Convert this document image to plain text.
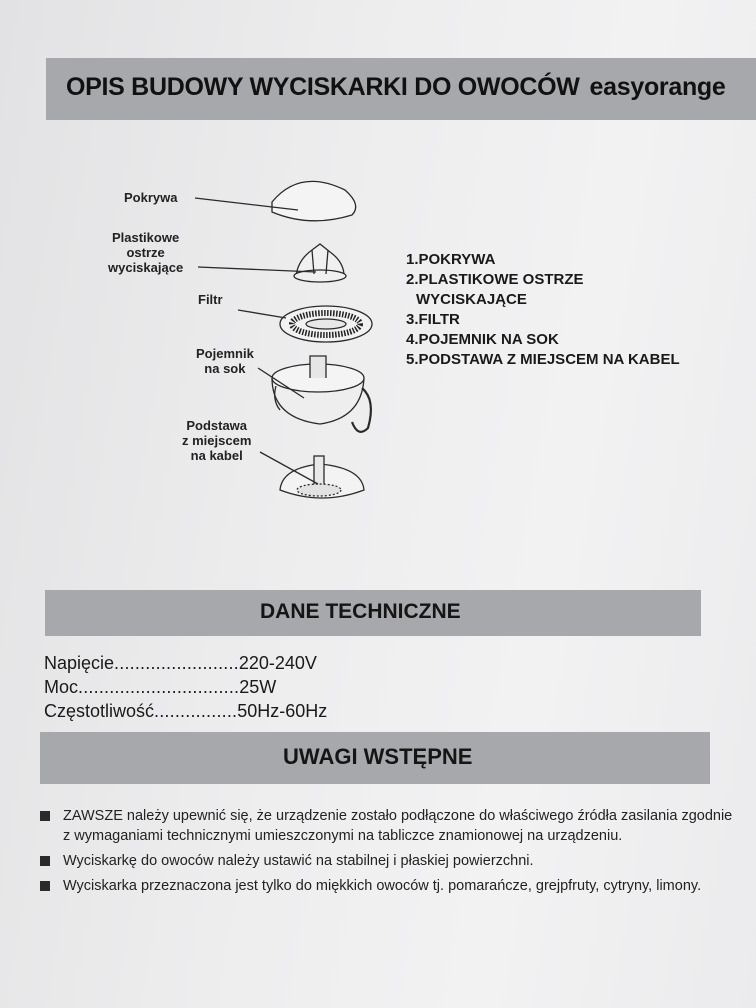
OPIS BUDOWY WYCISKARKI DO OWOCÓW easyorange
Pokrywa
Plastikowe
ostrze
wyciskające
Filtr
Pojemnik
na sok
Podstawa
z miejscem
na kabel
1.POKRYWA
2.PLASTIKOWE OSTRZE
WYCISKAJĄCE
3.FILTR
4.POJEMNIK NA SOK
5.PODSTAWA Z MIEJSCEM NA KABEL
DANE TECHNICZNE
Napięcie........................220-240V
Moc...............................25W
Częstotliwość................50Hz-60Hz
UWAGI WSTĘPNE
ZAWSZE należy upewnić się, że urządzenie zostało podłączone do właściwego źródła zasilania zgodnie z wymaganiami technicznymi umieszczonymi na tabliczce znamionowej na urządzeniu.
Wyciskarkę do owoców należy ustawić na stabilnej i płaskiej powierzchni.
Wyciskarka przeznaczona jest tylko do miękkich owoców tj. pomarańcze, grejpfruty, cytryny, limony.
